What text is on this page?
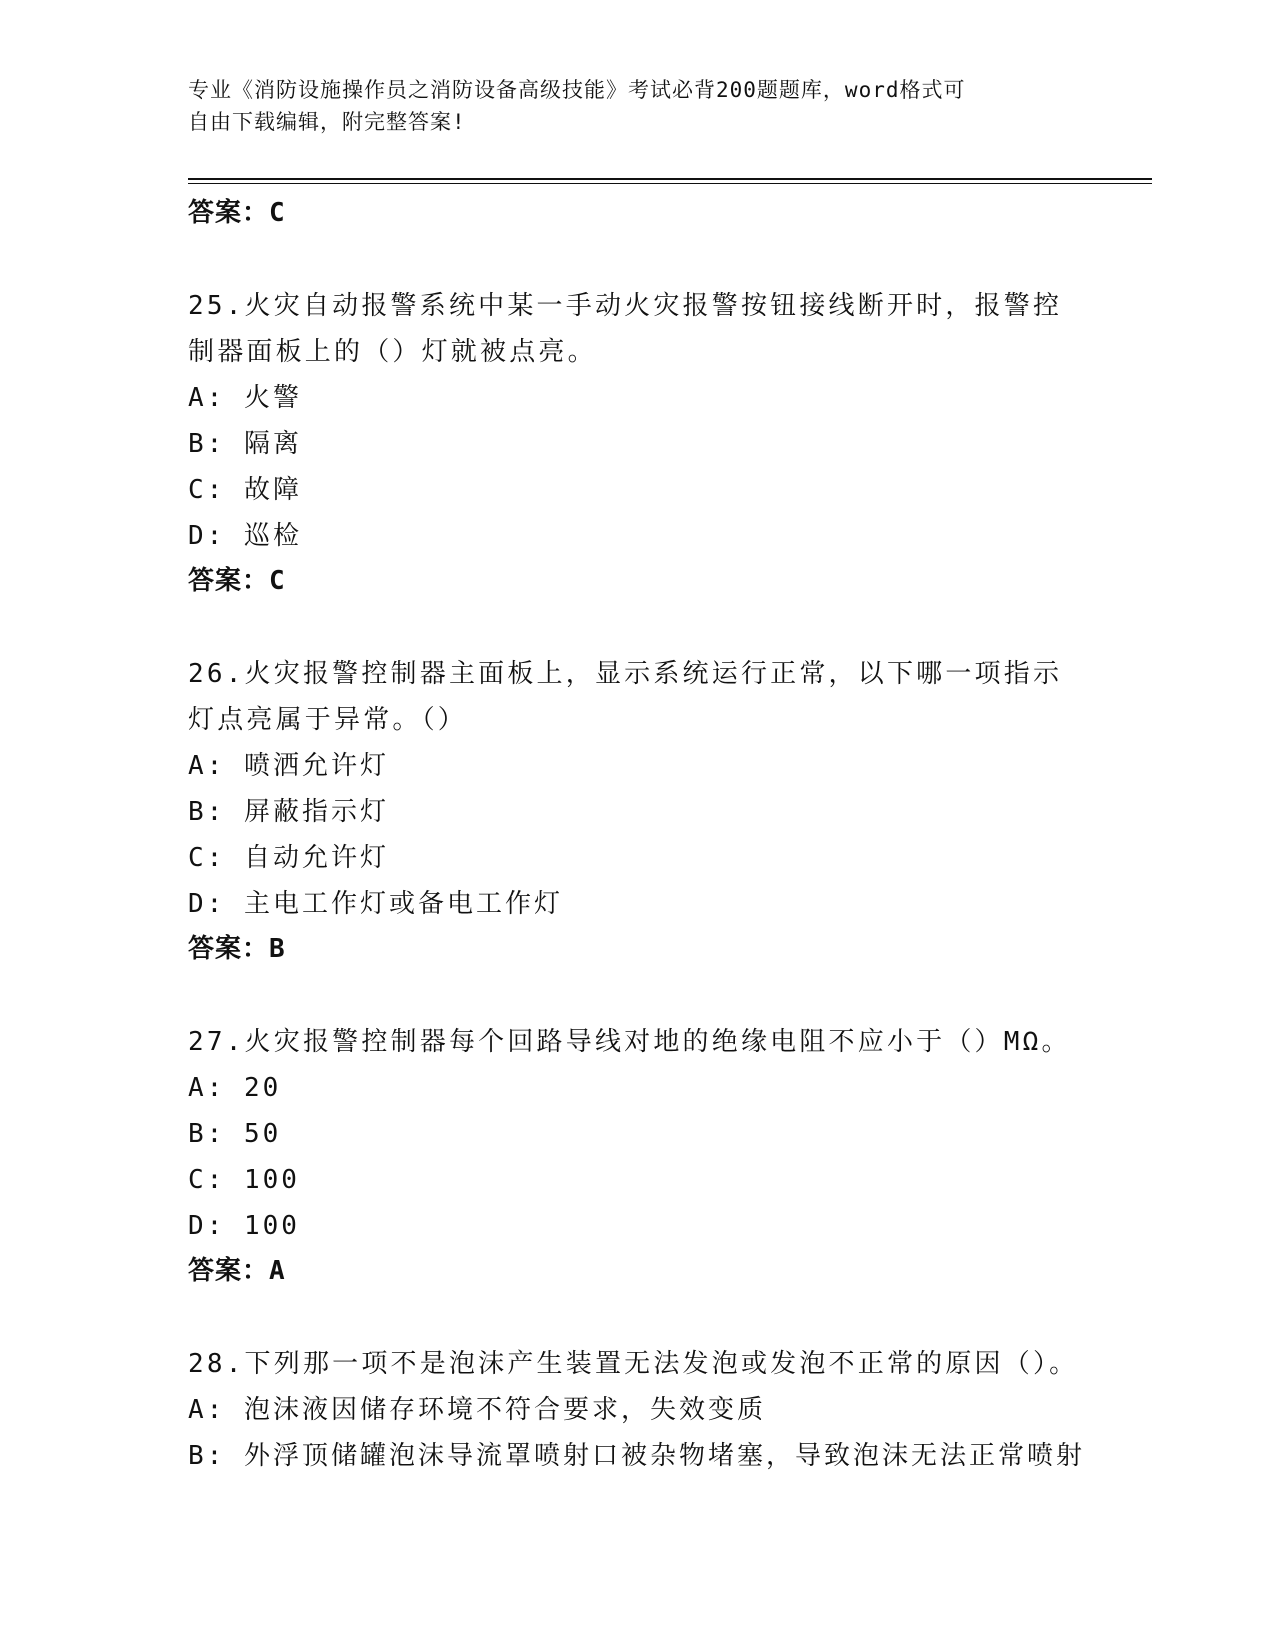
专业《消防设施操作员之消防设备高级技能》考试必背200题题库，word格式可
自由下载编辑，附完整答案!
答案：C
25.火灾自动报警系统中某一手动火灾报警按钮接线断开时，报警控制器面板上的（）灯就被点亮。
A: 火警
B: 隔离
C: 故障
D: 巡检
答案：C
26.火灾报警控制器主面板上，显示系统运行正常，以下哪一项指示灯点亮属于异常。（）
A: 喷洒允许灯
B: 屏蔽指示灯
C: 自动允许灯
D: 主电工作灯或备电工作灯
答案：B
27.火灾报警控制器每个回路导线对地的绝缘电阻不应小于（）MΩ。
A: 20
B: 50
C: 100
D: 100
答案：A
28.下列那一项不是泡沫产生装置无法发泡或发泡不正常的原因（）。
A: 泡沫液因储存环境不符合要求，失效变质
B: 外浮顶储罐泡沫导流罩喷射口被杂物堵塞，导致泡沫无法正常喷射
